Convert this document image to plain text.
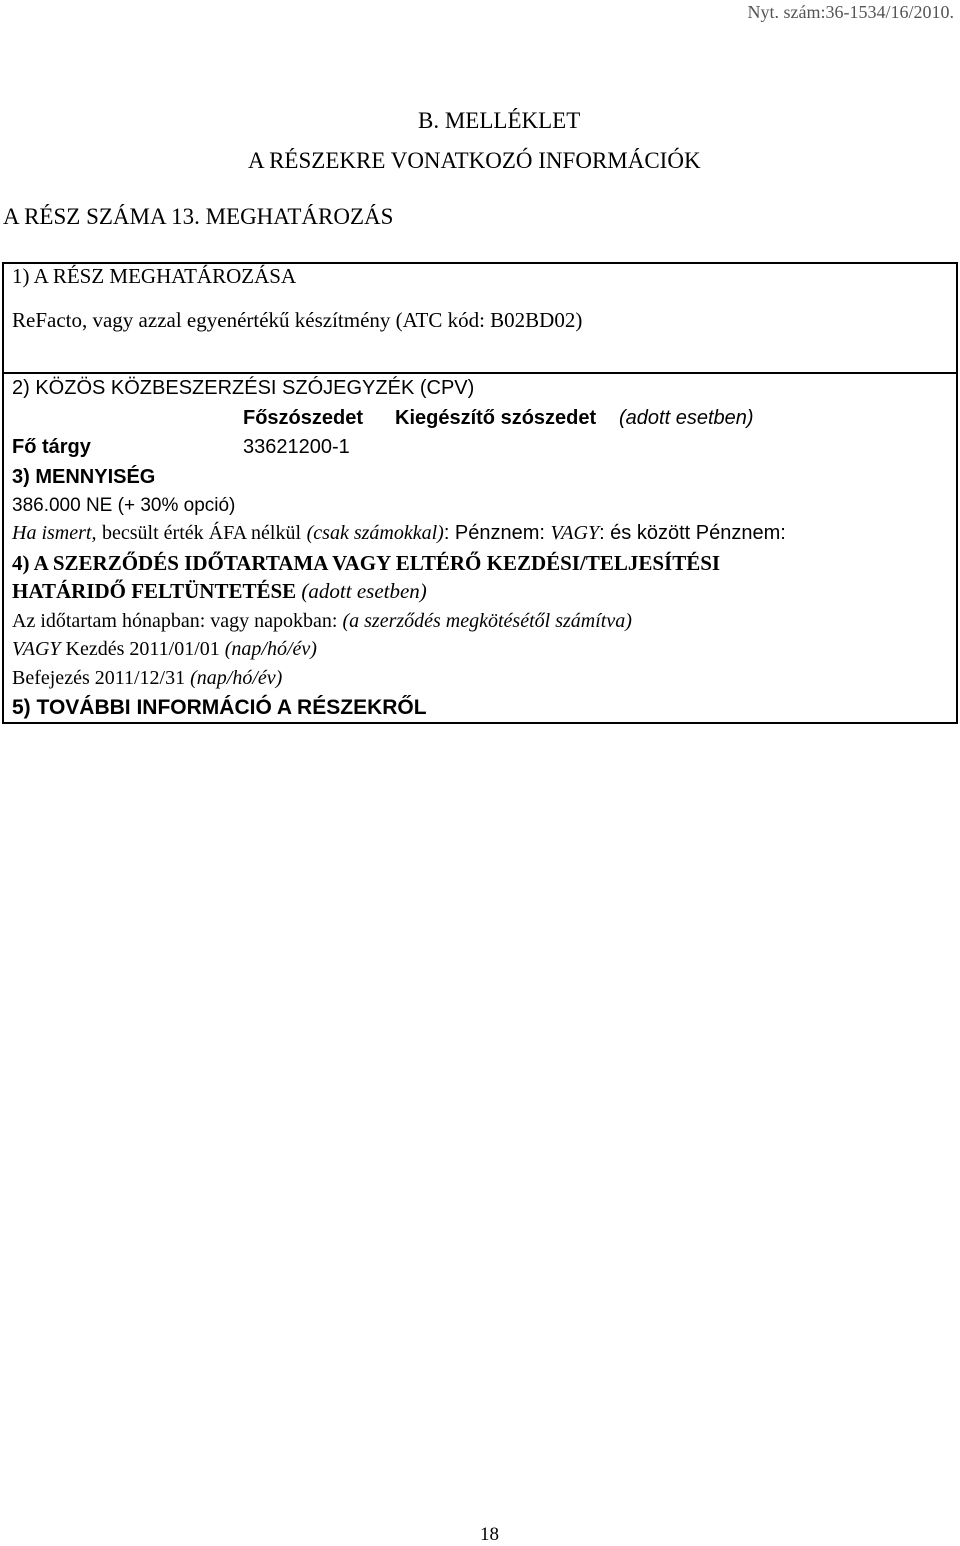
Nyt. szám:36-1534/16/2010.
B. MELLÉKLET
A RÉSZEKRE VONATKOZÓ INFORMÁCIÓK
A RÉSZ SZÁMA 13. MEGHATÁROZÁS
1) A RÉSZ MEGHATÁROZÁSA
ReFacto, vagy azzal egyenértékű készítmény (ATC kód: B02BD02)
2) KÖZÖS KÖZBESZERZÉSI SZÓJEGYZÉK (CPV)
Főszószedet Kiegészítő szószedet (adott esetben)
Fő tárgy	33621200-1
3) MENNYISÉG
386.000 NE (+ 30% opció)
Ha ismert, becsült érték ÁFA nélkül (csak számokkal): Pénznem: VAGY: és között Pénznem:
4) A SZERZŐDÉS IDŐTARTAMA VAGY ELTÉRŐ KEZDÉSI/TELJESÍTÉSI
HATÁRIDŐ FELTÜNTETÉSE (adott esetben)
Az időtartam hónapban: vagy napokban: (a szerződés megkötésétől számítva)
VAGY Kezdés 2011/01/01 (nap/hó/év)
Befejezés 2011/12/31 (nap/hó/év)
5) TOVÁBBI INFORMÁCIÓ A RÉSZEKRŐL
18
